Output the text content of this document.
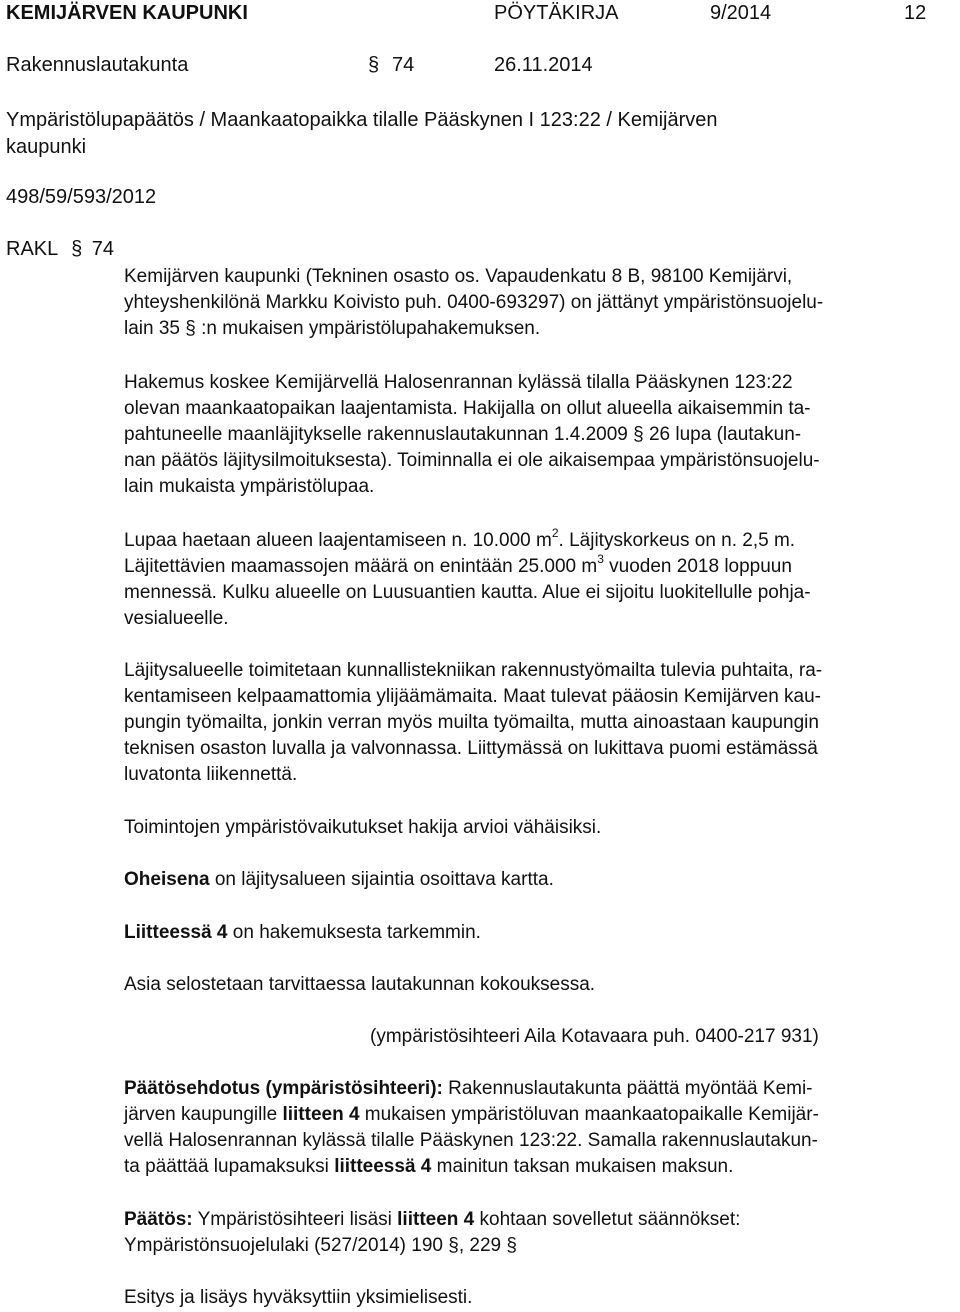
KEMIJÄRVEN KAUPUNKI	PÖYTÄKIRJA	9/2014	12
Rakennuslautakunta	§ 74	26.11.2014
Ympäristölupapäätös / Maankaatopaikka tilalle Pääskynen I 123:22 / Kemijärven
kaupunki
498/59/593/2012
RAKL § 74
Kemijärven kaupunki (Tekninen osasto os. Vapaudenkatu 8 B, 98100 Kemijärvi,
yhteyshenkilönä Markku Koivisto puh. 0400-693297) on jättänyt ympäristönsuojelu-
lain 35 § :n mukaisen ympäristölupahakemuksen.
Hakemus koskee Kemijärvellä Halosenrannan kylässä tilalla Pääskynen 123:22
olevan maankaatopaikan laajentamista. Hakijalla on ollut alueella aikaisemmin ta-
pahtuneelle maanläjitykselle rakennuslautakunnan 1.4.2009 § 26 lupa (lautakun-
nan päätös läjitysilmoituksesta). Toiminnalla ei ole aikaisempaa ympäristönsuojelu-
lain mukaista ympäristölupaa.
Lupaa haetaan alueen laajentamiseen n. 10.000 $m^2$. Läjityskorkeus on n. 2,5 m.
Läjitettävien maamassojen määrä on enintään 25.000 $m^3$ vuoden 2018 loppuun
mennessä. Kulku alueelle on Luusuantien kautta. Alue ei sijoitu luokitellulle pohja-
vesialueelle.
Läjitysalueelle toimitetaan kunnallistekniikan rakennustyömailta tulevia puhtaita, ra-
kentamiseen kelpaamattomia ylijäämämaita. Maat tulevat pääosin Kemijärven kau-
pungin työmailta, jonkin verran myös muilta työmailta, mutta ainoastaan kaupungin
teknisen osaston luvalla ja valvonnassa. Liittymässä on lukittava puomi estämässä
luvatonta liikennettä.
Toimintojen ympäristövaikutukset hakija arvioi vähäisiksi.
Oheisena on läjitysalueen sijaintia osoittava kartta.
Liitteessä 4 on hakemuksesta tarkemmin.
Asia selostetaan tarvittaessa lautakunnan kokouksessa.
(ympäristösihteeri Aila Kotavaara puh. 0400-217 931)
Päätösehdotus (ympäristösihteeri): Rakennuslautakunta päättä myöntää Kemi-
järven kaupungille liitteen 4 mukaisen ympäristöluvan maankaatopaikalle Kemijär-
vellä Halosenrannan kylässä tilalle Pääskynen 123:22. Samalla rakennuslautakun-
ta päättää lupamaksuksi liitteessä 4 mainitun taksan mukaisen maksun.
Päätös: Ympäristösihteeri lisäsi liitteen 4 kohtaan sovelletut säännökset:
Ympäristönsuojelulaki (527/2014) 190 §, 229 §
Esitys ja lisäys hyväksyttiin yksimielisesti.
